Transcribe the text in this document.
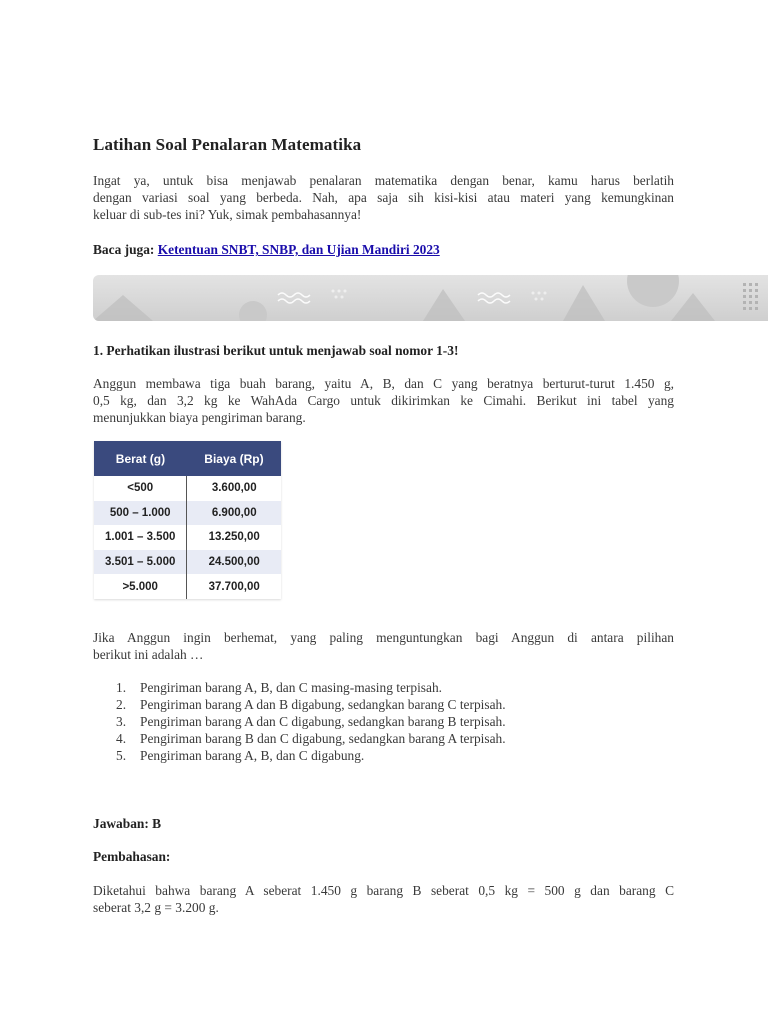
Latihan Soal Penalaran Matematika
Ingat ya, untuk bisa menjawab penalaran matematika dengan benar, kamu harus berlatih
dengan variasi soal yang berbeda. Nah, apa saja sih kisi-kisi atau materi yang kemungkinan
keluar di sub-tes ini? Yuk, simak pembahasannya!
Baca juga: Ketentuan SNBT, SNBP, dan Ujian Mandiri 2023
1. Perhatikan ilustrasi berikut untuk menjawab soal nomor 1-3!
Anggun membawa tiga buah barang, yaitu A, B, dan C yang beratnya berturut-turut 1.450 g,
0,5 kg, dan 3,2 kg ke WahAda Cargo untuk dikirimkan ke Cimahi. Berikut ini tabel yang
menunjukkan biaya pengiriman barang.
Berat (g)	Biaya (Rp)
<500	3.600,00
500 – 1.000	6.900,00
1.001 – 3.500	13.250,00
3.501 – 5.000	24.500,00
>5.000	37.700,00
Jika Anggun ingin berhemat, yang paling menguntungkan bagi Anggun di antara pilihan
berikut ini adalah …
1. Pengiriman barang A, B, dan C masing-masing terpisah.
2. Pengiriman barang A dan B digabung, sedangkan barang C terpisah.
3. Pengiriman barang A dan C digabung, sedangkan barang B terpisah.
4. Pengiriman barang B dan C digabung, sedangkan barang A terpisah.
5. Pengiriman barang A, B, dan C digabung.
Jawaban: B
Pembahasan:
Diketahui bahwa barang A seberat 1.450 g barang B seberat 0,5 kg = 500 g dan barang C
seberat 3,2 g = 3.200 g.
